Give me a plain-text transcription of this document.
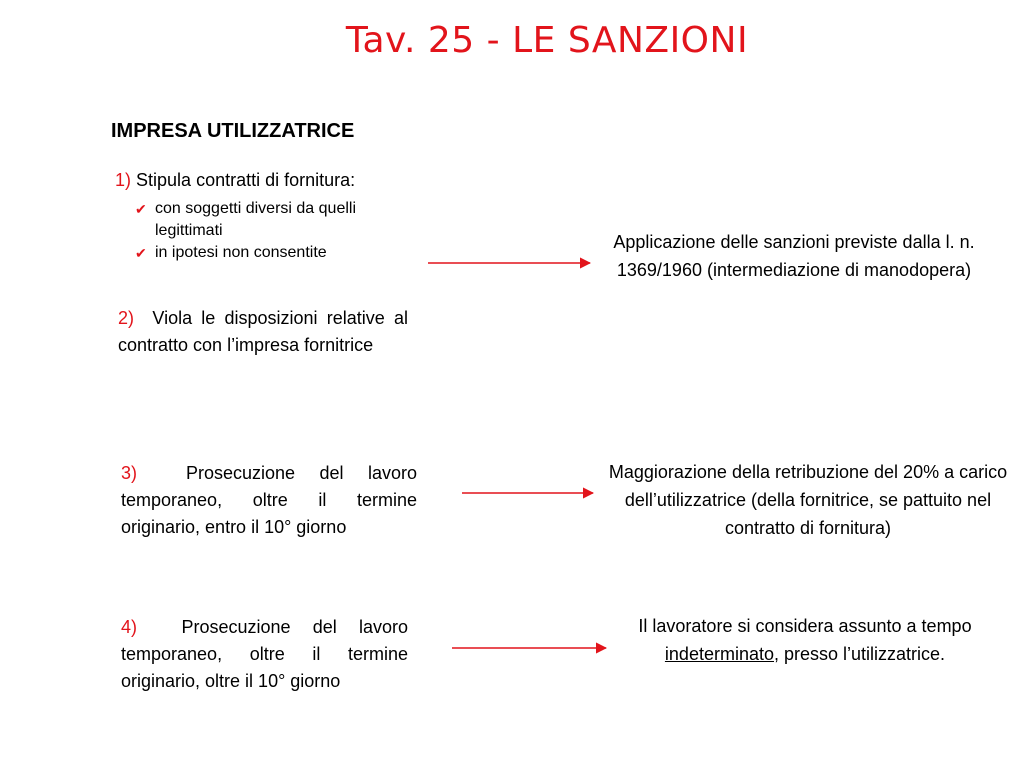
Tav. 25 - LE SANZIONI
IMPRESA UTILIZZATRICE
1) Stipula contratti di fornitura:
✔ con soggetti diversi da quelli legittimati
✔ in ipotesi non consentite
2) Viola le disposizioni relative al contratto con l’impresa fornitrice
3)	Prosecuzione del lavoro temporaneo, oltre il termine originario, entro il 10° giorno
4) Prosecuzione del lavoro temporaneo, oltre il termine originario, oltre il 10° giorno
Applicazione delle sanzioni previste dalla l. n. 1369/1960 (intermediazione di manodopera)
Maggiorazione della retribuzione del 20% a carico dell’utilizzatrice (della fornitrice, se pattuito nel contratto di fornitura)
Il lavoratore si considera assunto a tempo indeterminato, presso l’utilizzatrice.
